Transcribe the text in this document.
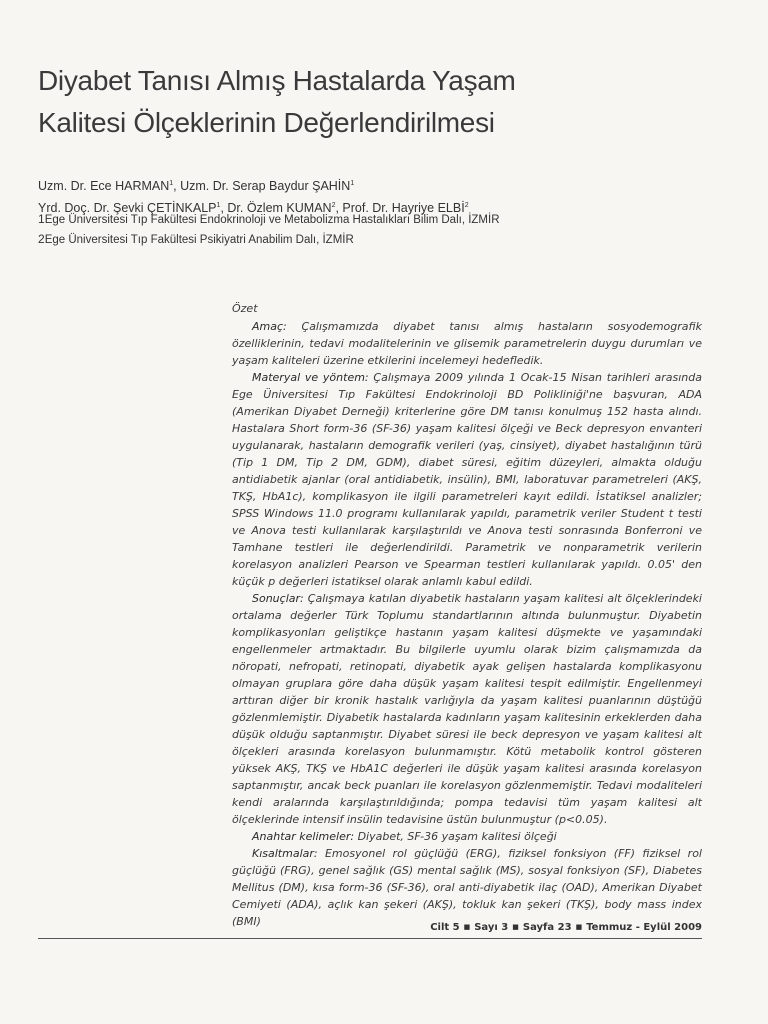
Diyabet Tanısı Almış Hastalarda Yaşam
Kalitesi Ölçeklerinin Değerlendirilmesi
Uzm. Dr. Ece HARMAN$^1$, Uzm. Dr. Serap Baydur ŞAHİN$^1$
Yrd. Doç. Dr. Şevki ÇETİNKALP$^1$, Dr. Özlem KUMAN$^2$, Prof. Dr. Hayriye ELBİ$^2$
1Ege Üniversitesi Tıp Fakültesi Endokrinoloji ve Metabolizma Hastalıkları Bilim Dalı, İZMİR
2Ege Üniversitesi Tıp Fakültesi Psikiyatri Anabilim Dalı, İZMİR
Özet

Amaç: Çalışmamızda diyabet tanısı almış hastaların sosyodemografik özelliklerinin, tedavi modalitelerinin ve glisemik parametrelerin duygu durumları ve yaşam kaliteleri üzerine etkilerini incelemeyi hedefledik.

Materyal ve yöntem: Çalışmaya 2009 yılında 1 Ocak-15 Nisan tarihleri arasında Ege Üniversitesi Tıp Fakültesi Endokrinoloji BD Polikliniği'ne başvuran, ADA (Amerikan Diyabet Derneği) kriterlerine göre DM tanısı konulmuş 152 hasta alındı. Hastalara Short form-36 (SF-36) yaşam kalitesi ölçeği ve Beck depresyon envanteri uygulanarak, hastaların demografik verileri (yaş, cinsiyet), diyabet hastalığının türü (Tip 1 DM, Tip 2 DM, GDM), diabet süresi, eğitim düzeyleri, almakta olduğu antidiabetik ajanlar (oral antidiabetik, insülin), BMI, laboratuvar parametreleri (AKŞ, TKŞ, HbA1c), komplikasyon ile ilgili parametreleri kayıt edildi. İstatiksel analizler; SPSS Windows 11.0 programı kullanılarak yapıldı, parametrik veriler Student t testi ve Anova testi kullanılarak karşılaştırıldı ve Anova testi sonrasında Bonferroni ve Tamhane testleri ile değerlendirildi. Parametrik ve nonparametrik verilerin korelasyon analizleri Pearson ve Spearman testleri kullanılarak yapıldı. 0.05' den küçük p değerleri istatiksel olarak anlamlı kabul edildi.

Sonuçlar: Çalışmaya katılan diyabetik hastaların yaşam kalitesi alt ölçeklerindeki ortalama değerler Türk Toplumu standartlarının altında bulunmuştur. Diyabetin komplikasyonları geliştikçe hastanın yaşam kalitesi düşmekte ve yaşamındaki engellenmeler artmaktadır. Bu bilgilerle uyumlu olarak bizim çalışmamızda da nöropati, nefropati, retinopati, diyabetik ayak gelişen hastalarda komplikasyonu olmayan gruplara göre daha düşük yaşam kalitesi tespit edilmiştir. Engellenmeyi arttıran diğer bir kronik hastalık varlığıyla da yaşam kalitesi puanlarının düştüğü gözlenmlemiştir. Diyabetik hastalarda kadınların yaşam kalitesinin erkeklerden daha düşük olduğu saptanmıştır. Diyabet süresi ile beck depresyon ve yaşam kalitesi alt ölçekleri arasında korelasyon bulunmamıştır. Kötü metabolik kontrol gösteren yüksek AKŞ, TKŞ ve HbA1C değerleri ile düşük yaşam kalitesi arasında korelasyon saptanmıştır, ancak beck puanları ile korelasyon gözlenmemiştir. Tedavi modaliteleri kendi aralarında karşılaştırıldığında; pompa tedavisi tüm yaşam kalitesi alt ölçeklerinde intensif insülin tedavisine üstün bulunmuştur (p<0.05).

Anahtar kelimeler: Diyabet, SF-36 yaşam kalitesi ölçeği

Kısaltmalar: Emosyonel rol güçlüğü (ERG), fiziksel fonksiyon (FF) fiziksel rol güçlüğü (FRG), genel sağlık (GS) mental sağlık (MS), sosyal fonksiyon (SF), Diabetes Mellitus (DM), kısa form-36 (SF-36), oral anti-diyabetik ilaç (OAD), Amerikan Diyabet Cemiyeti (ADA), açlık kan şekeri (AKŞ), tokluk kan şekeri (TKŞ), body mass index (BMI)	Cilt 5 ■ Sayı 3 ■ Sayfa 23 ■ Temmuz - Eylül 2009
